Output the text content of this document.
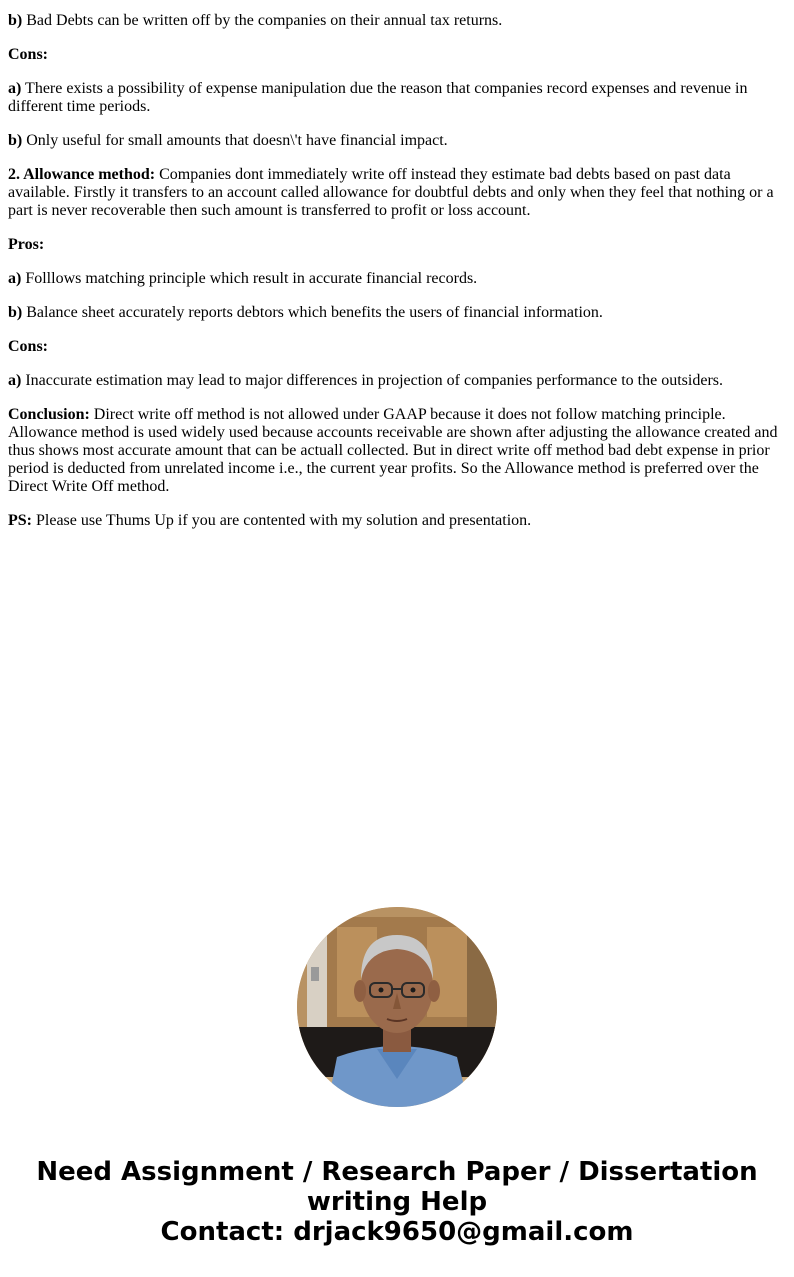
b) Bad Debts can be written off by the companies on their annual tax returns.

Cons:

a) There exists a possibility of expense manipulation due the reason that companies record expenses and revenue in different time periods.

b) Only useful for small amounts that doesn\'t have financial impact.

2. Allowance method: Companies dont immediately write off instead they estimate bad debts based on past data available. Firstly it transfers to an account called allowance for doubtful debts and only when they feel that nothing or a part is never recoverable then such amount is transferred to profit or loss account.

Pros:

a) Folllows matching principle which result in accurate financial records.

b) Balance sheet accurately reports debtors which benefits the users of financial information.

Cons:

a) Inaccurate estimation may lead to major differences in projection of companies performance to the outsiders.

Conclusion: Direct write off method is not allowed under GAAP because it does not follow matching principle. Allowance method is used widely used because accounts receivable are shown after adjusting the allowance created and thus shows most accurate amount that can be actuall collected. But in direct write off method bad debt expense in prior period is deducted from unrelated income i.e., the current year profits. So the Allowance method is preferred over the Direct Write Off method.

PS: Please use Thums Up if you are contented with my solution and presentation.

Need Assignment / Research Paper / Dissertation
writing Help
Contact: drjack9650@gmail.com
